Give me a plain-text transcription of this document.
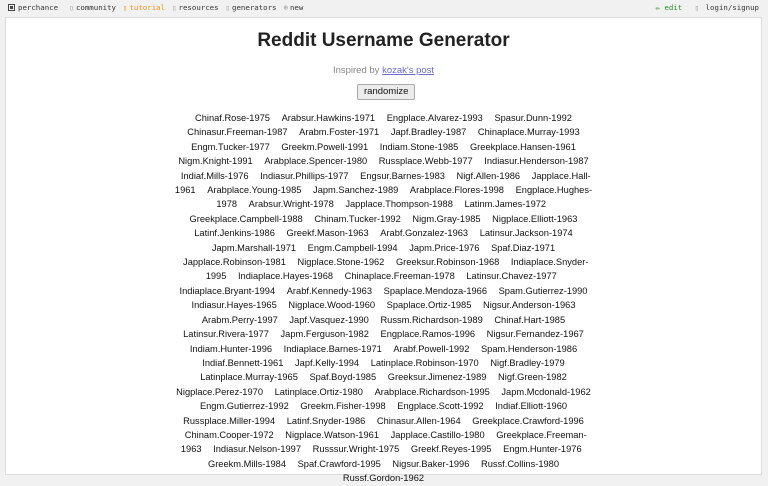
perchance ▯ community ▯ tutorial ▯ resources ▯ generators ⊕ new	✏ edit ▯ login/signup
Reddit Username Generator
Inspired by kozak's post
randomize
Chinaf.Rose-1975 Arabsur.Hawkins-1971 Engplace.Alvarez-1993 Spasur.Dunn-1992 Chinasur.Freeman-1987 Arabm.Foster-1971 Japf.Bradley-1987 Chinaplace.Murray-1993 Engm.Tucker-1977 Greekm.Powell-1991 Indiam.Stone-1985 Greekplace.Hansen-1961 Nigm.Knight-1991 Arabplace.Spencer-1980 Russplace.Webb-1977 Indiasur.Henderson-1987 Indiaf.Mills-1976 Indiasur.Phillips-1977 Engsur.Barnes-1983 Nigf.Allen-1986 Japplace.Hall-1961 Arabplace.Young-1985 Japm.Sanchez-1989 Arabplace.Flores-1998 Engplace.Hughes-1978 Arabsur.Wright-1978 Japplace.Thompson-1988 Latinm.James-1972 Greekplace.Campbell-1988 Chinam.Tucker-1992 Nigm.Gray-1985 Nigplace.Elliott-1963 Latinf.Jenkins-1986 Greekf.Mason-1963 Arabf.Gonzalez-1963 Latinsur.Jackson-1974 Japm.Marshall-1971 Engm.Campbell-1994 Japm.Price-1976 Spaf.Diaz-1971 Japplace.Robinson-1981 Nigplace.Stone-1962 Greeksur.Robinson-1968 Indiaplace.Snyder-1995 Indiaplace.Hayes-1968 Chinaplace.Freeman-1978 Latinsur.Chavez-1977 Indiaplace.Bryant-1994 Arabf.Kennedy-1963 Spaplace.Mendoza-1966 Spam.Gutierrez-1990 Indiasur.Hayes-1965 Nigplace.Wood-1960 Spaplace.Ortiz-1985 Nigsur.Anderson-1963 Arabm.Perry-1997 Japf.Vasquez-1990 Russm.Richardson-1989 Chinaf.Hart-1985 Latinsur.Rivera-1977 Japm.Ferguson-1982 Engplace.Ramos-1996 Nigsur.Fernandez-1967 Indiam.Hunter-1996 Indiaplace.Barnes-1971 Arabf.Powell-1992 Spam.Henderson-1986 Indiaf.Bennett-1961 Japf.Kelly-1994 Latinplace.Robinson-1970 Nigf.Bradley-1979 Latinplace.Murray-1965 Spaf.Boyd-1985 Greeksur.Jimenez-1989 Nigf.Green-1982 Nigplace.Perez-1970 Latinplace.Ortiz-1980 Arabplace.Richardson-1995 Japm.Mcdonald-1962 Engm.Gutierrez-1992 Greekm.Fisher-1998 Engplace.Scott-1992 Indiaf.Elliott-1960 Russplace.Miller-1994 Latinf.Snyder-1986 Chinasur.Allen-1964 Greekplace.Crawford-1996 Chinam.Cooper-1972 Nigplace.Watson-1961 Japplace.Castillo-1980 Greekplace.Freeman-1963 Indiasur.Nelson-1997 Russsur.Wright-1975 Greekf.Reyes-1995 Engm.Hunter-1976 Greekm.Mills-1984 Spaf.Crawford-1995 Nigsur.Baker-1996 Russf.Collins-1980 Russf.Gordon-1962
